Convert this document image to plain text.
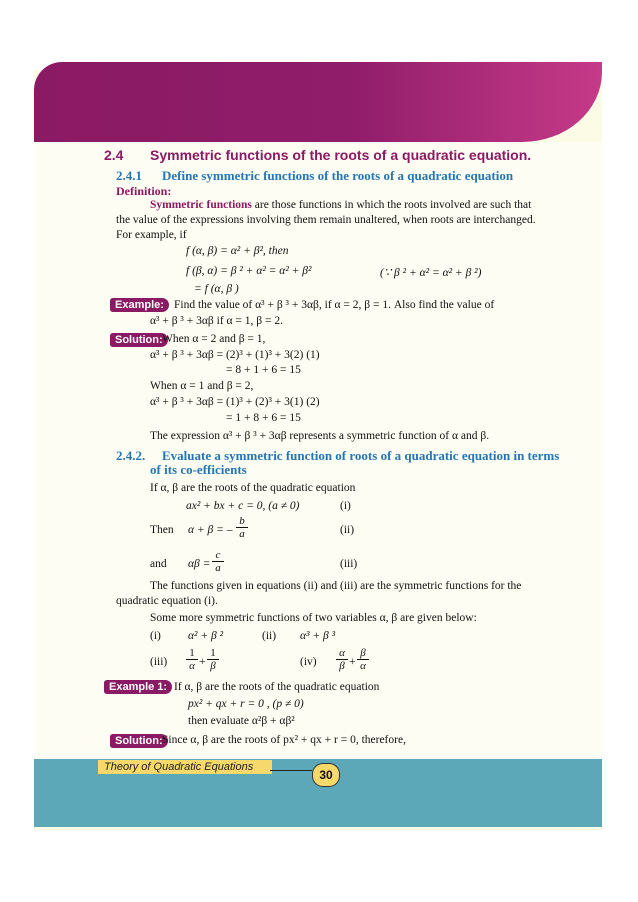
2.4 Symmetric functions of the roots of a quadratic equation.
2.4.1 Define symmetric functions of the roots of a quadratic equation
Definition:
Symmetric functions are those functions in which the roots involved are such that
the value of the expressions involving them remain unaltered, when roots are interchanged.
For example, if
f (α, β) = α² + β², then
f (β, α) = β ² + α² = α² + β²	(∵ β ² + α² = α² + β ²)
= f (α, β )
Example: Find the value of α³ + β ³ + 3αβ, if α = 2, β = 1. Also find the value of
α³ + β ³ + 3αβ if α = 1, β = 2.
Solution: When α = 2 and β = 1,
α³ + β ³ + 3αβ = (2)³ + (1)³ + 3(2) (1)
= 8 + 1 + 6 = 15
When α = 1 and β = 2,
α³ + β ³ + 3αβ = (1)³ + (2)³ + 3(1) (2)
= 1 + 8 + 6 = 15
The expression α³ + β ³ + 3αβ represents a symmetric function of α and β.
2.4.2. Evaluate a symmetric function of roots of a quadratic equation in terms
of its co-efficients
If α, β are the roots of the quadratic equation
ax² + bx + c = 0, (a ≠ 0)	(i)
Then α + β = – $\frac{b}{a}$	(ii)
and $\alpha\beta = \frac{c}{a}$	(iii)
The functions given in equations (ii) and (iii) are the symmetric functions for the
quadratic equation (i).
Some more symmetric functions of two variables α, β are given below:
(i) α² + β ²	(ii) α³ + β ³
$(iii) \frac{1}{\alpha} + \frac{1}{\beta}$	$(iv) \frac{\alpha}{\beta} + \frac{\beta}{\alpha}$
Example 1: If α, β are the roots of the quadratic equation
px² + qx + r = 0 , (p ≠ 0)
then evaluate α²β + αβ²
Solution: Since α, β are the roots of px² + qx + r = 0, therefore,
Theory of Quadratic Equations
30
